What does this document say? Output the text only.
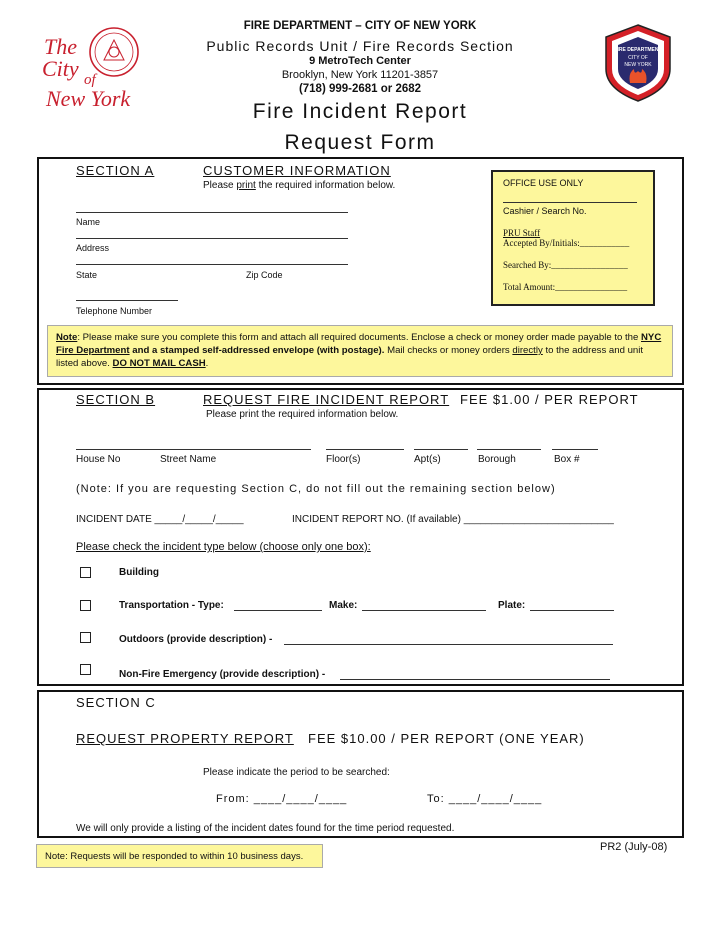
The
City of
New York
FIRE DEPARTMENT
CITY OF
NEW YORK
FIRE DEPARTMENT – CITY OF NEW YORK
Public Records Unit / Fire Records Section
9 MetroTech Center
Brooklyn, New York 11201-3857
(718) 999-2681 or 2682
Fire Incident Report
Request Form
SECTION A	CUSTOMER INFORMATION
Please print the required information below.
Name
Address
State	Zip Code
Telephone Number
OFFICE USE ONLY
Cashier / Search No.
PRU Staff
Accepted By/Initials:___________
Searched By:_________________
Total Amount:________________
Note: Please make sure you complete this form and attach all required documents. Enclose a check or money order made payable to the NYC Fire Department and a stamped self-addressed envelope (with postage). Mail checks or money orders directly to the address and unit listed above. DO NOT MAIL CASH.
SECTION B	REQUEST FIRE INCIDENT REPORT FEE $1.00 / PER REPORT
Please print the required information below.
House No	Street Name	Floor(s)	Apt(s)	Borough	Box #
(Note: If you are requesting Section C, do not fill out the remaining section below)
INCIDENT DATE _____/_____/_____	INCIDENT REPORT NO. (If available) ___________________________
Please check the incident type below (choose only one box):
Building
Transportation - Type:	Make:	Plate:
Outdoors (provide description) -
Non-Fire Emergency (provide description) -
SECTION C
REQUEST PROPERTY REPORT FEE $10.00 / PER REPORT (ONE YEAR)
Please indicate the period to be searched:
From: ____/____/____	To: ____/____/____
We will only provide a listing of the incident dates found for the time period requested.
PR2 (July-08)
Note: Requests will be responded to within 10 business days.
